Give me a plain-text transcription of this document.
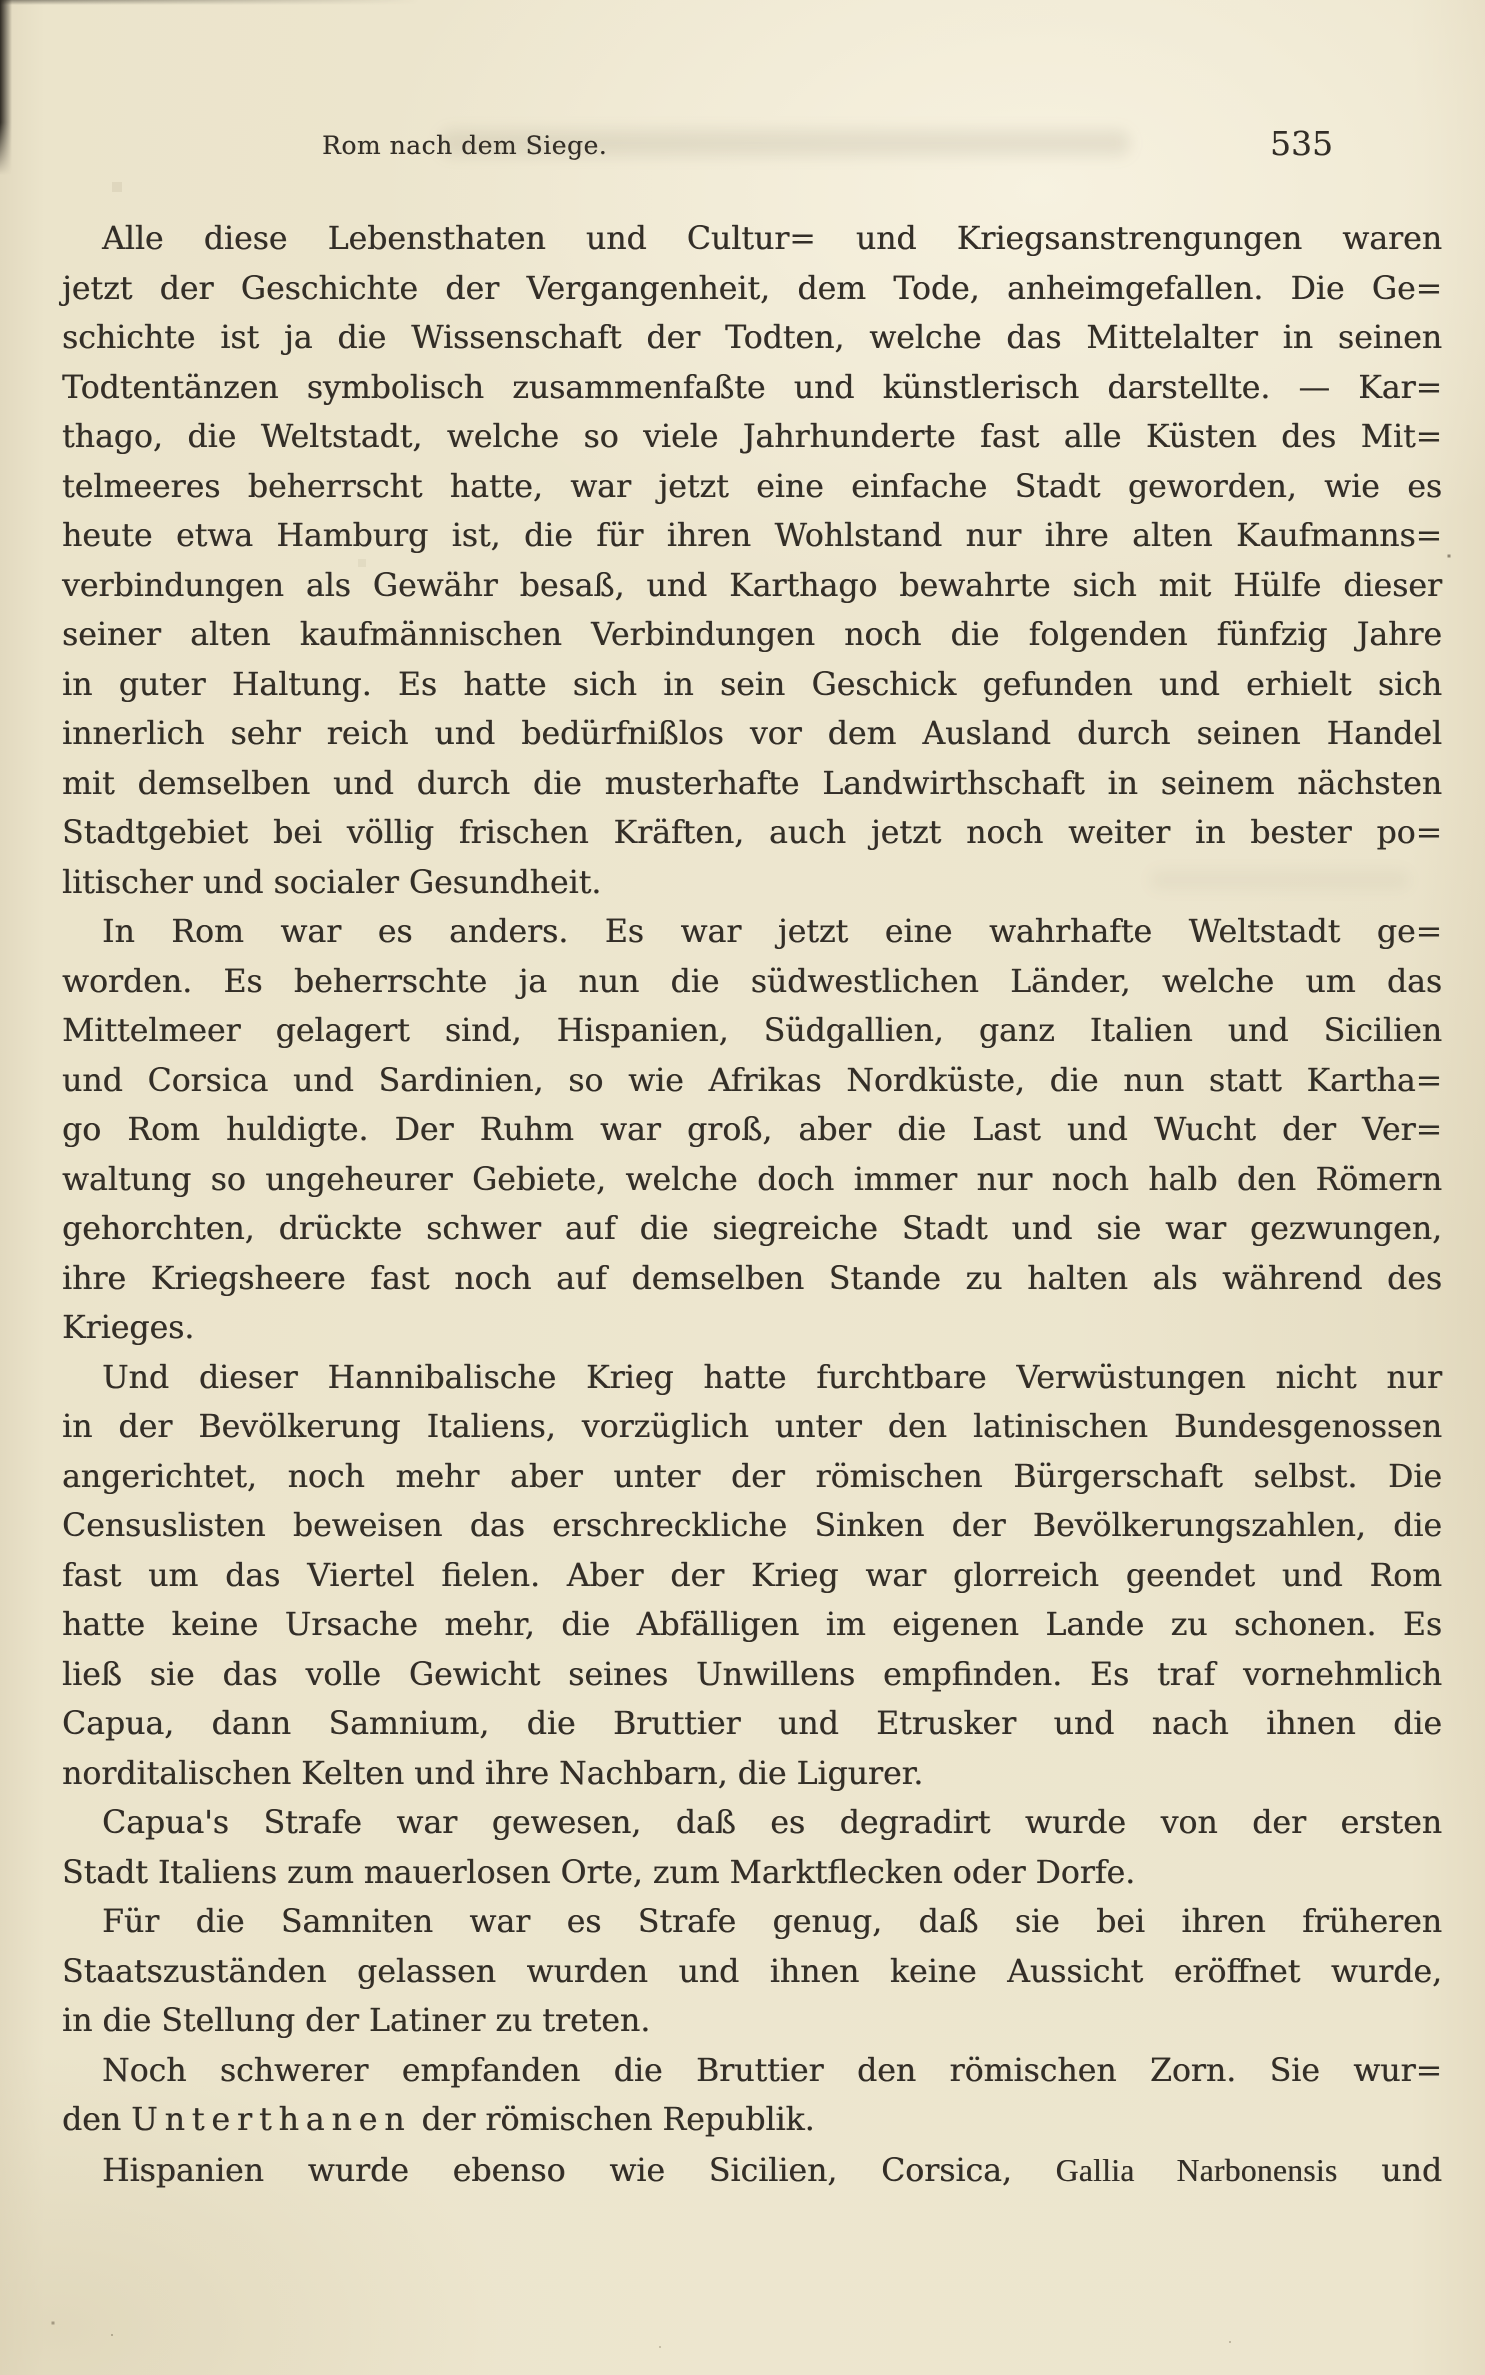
Rom nach dem Siege.	535
Alle diese Lebensthaten und Cultur= und Kriegsanstrengungen waren
jetzt der Geschichte der Vergangenheit, dem Tode, anheimgefallen. Die Ge=
schichte ist ja die Wissenschaft der Todten, welche das Mittelalter in seinen
Todtentänzen symbolisch zusammenfaßte und künstlerisch darstellte. — Kar=
thago, die Weltstadt, welche so viele Jahrhunderte fast alle Küsten des Mit=
telmeeres beherrscht hatte, war jetzt eine einfache Stadt geworden, wie es
heute etwa Hamburg ist, die für ihren Wohlstand nur ihre alten Kaufmanns=
verbindungen als Gewähr besaß, und Karthago bewahrte sich mit Hülfe dieser
seiner alten kaufmännischen Verbindungen noch die folgenden fünfzig Jahre
in guter Haltung. Es hatte sich in sein Geschick gefunden und erhielt sich
innerlich sehr reich und bedürfnißlos vor dem Ausland durch seinen Handel
mit demselben und durch die musterhafte Landwirthschaft in seinem nächsten
Stadtgebiet bei völlig frischen Kräften, auch jetzt noch weiter in bester po=
litischer und socialer Gesundheit.
In Rom war es anders. Es war jetzt eine wahrhafte Weltstadt ge=
worden. Es beherrschte ja nun die südwestlichen Länder, welche um das
Mittelmeer gelagert sind, Hispanien, Südgallien, ganz Italien und Sicilien
und Corsica und Sardinien, so wie Afrikas Nordküste, die nun statt Kartha=
go Rom huldigte. Der Ruhm war groß, aber die Last und Wucht der Ver=
waltung so ungeheurer Gebiete, welche doch immer nur noch halb den Römern
gehorchten, drückte schwer auf die siegreiche Stadt und sie war gezwungen,
ihre Kriegsheere fast noch auf demselben Stande zu halten als während des
Krieges.
Und dieser Hannibalische Krieg hatte furchtbare Verwüstungen nicht nur
in der Bevölkerung Italiens, vorzüglich unter den latinischen Bundesgenossen
angerichtet, noch mehr aber unter der römischen Bürgerschaft selbst. Die
Censuslisten beweisen das erschreckliche Sinken der Bevölkerungszahlen, die
fast um das Viertel fielen. Aber der Krieg war glorreich geendet und Rom
hatte keine Ursache mehr, die Abfälligen im eigenen Lande zu schonen. Es
ließ sie das volle Gewicht seines Unwillens empfinden. Es traf vornehmlich
Capua, dann Samnium, die Bruttier und Etrusker und nach ihnen die
norditalischen Kelten und ihre Nachbarn, die Ligurer.
Capua's Strafe war gewesen, daß es degradirt wurde von der ersten
Stadt Italiens zum mauerlosen Orte, zum Marktflecken oder Dorfe.
Für die Samniten war es Strafe genug, daß sie bei ihren früheren
Staatszuständen gelassen wurden und ihnen keine Aussicht eröffnet wurde,
in die Stellung der Latiner zu treten.
Noch schwerer empfanden die Bruttier den römischen Zorn. Sie wur=
den Unterthanen der römischen Republik.
Hispanien wurde ebenso wie Sicilien, Corsica, Gallia Narbonensis und
